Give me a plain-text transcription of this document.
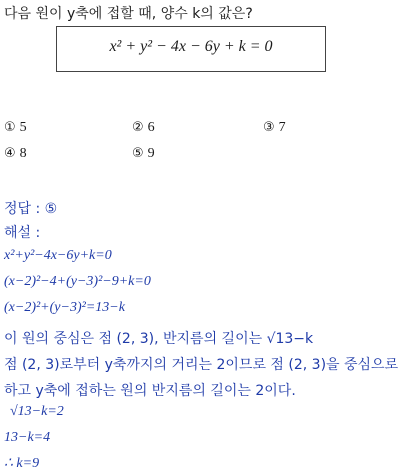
다음 원이 y축에 접할 때, 양수 k의 값은?
x² + y² − 4x − 6y + k = 0
① 5	② 6	③ 7
④ 8	⑤ 9
정답 : ⑤
해설 :
x²+y²−4x−6y+k=0
(x−2)²−4+(y−3)²−9+k=0
(x−2)²+(y−3)²=13−k
이 원의 중심은 점 (2, 3), 반지름의 길이는 √13−k
점 (2, 3)로부터 y축까지의 거리는 2이므로 점 (2, 3)을 중심으로
하고 y축에 접하는 원의 반지름의 길이는 2이다.
√13−k=2
13−k=4
∴ k=9
